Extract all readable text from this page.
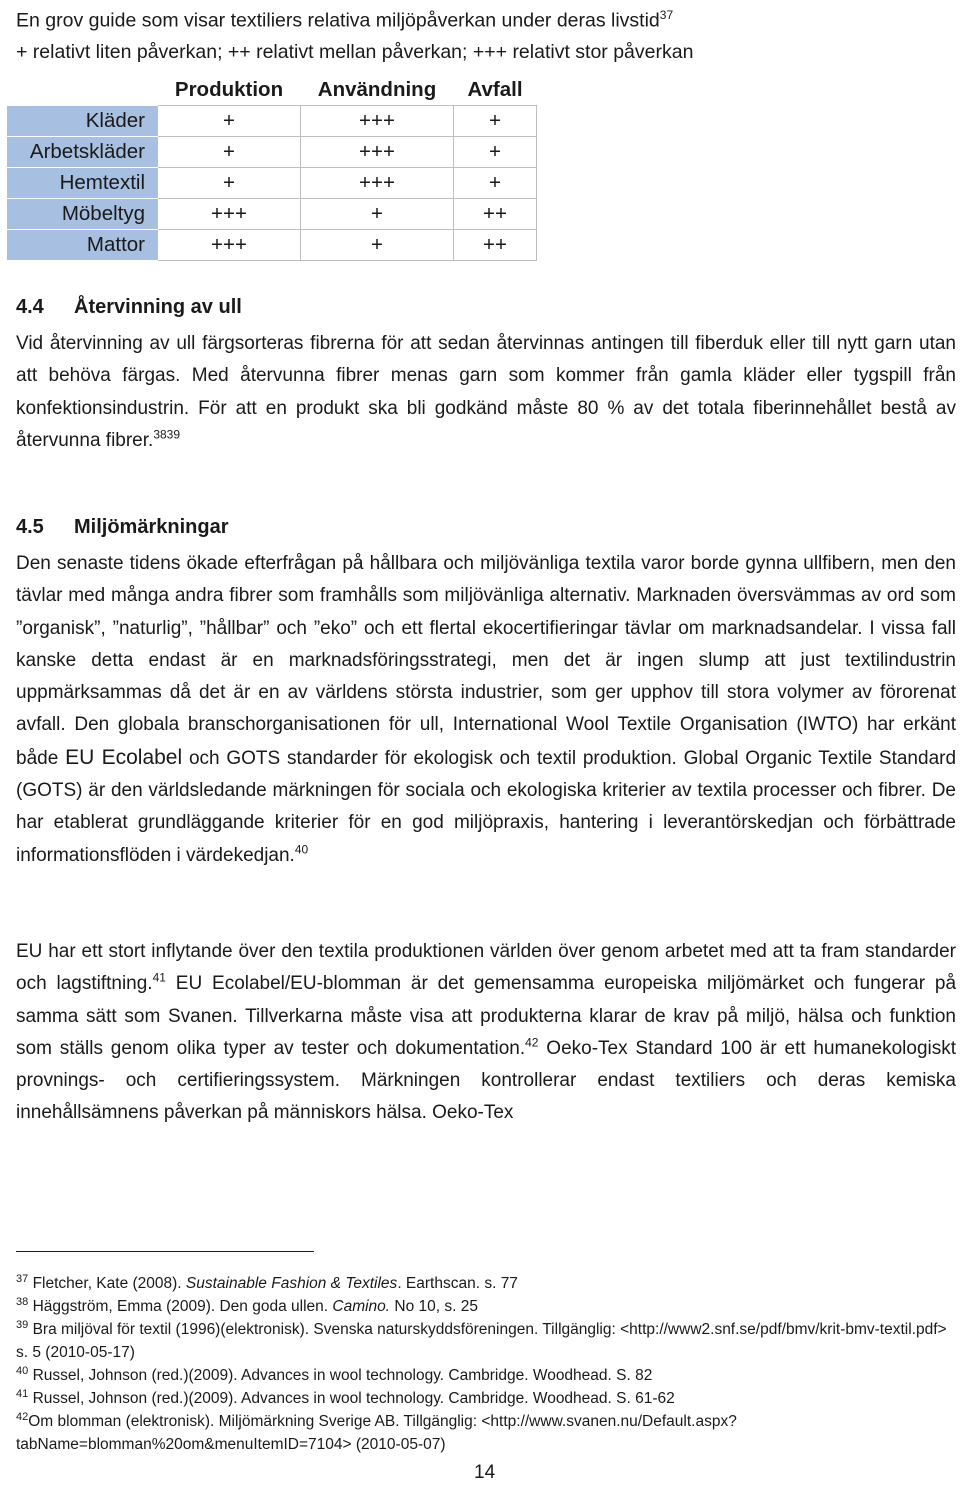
En grov guide som visar textiliers relativa miljöpåverkan under deras livstid$^{37}$
+ relativt liten påverkan; ++ relativt mellan påverkan; +++ relativt stor påverkan
	Produktion	Användning	Avfall
Kläder	+	+++	+
Arbetskläder	+	+++	+
Hemtextil	+	+++	+
Möbeltyg	+++	+	++
Mattor	+++	+	++
4.4 Återvinning av ull

Vid återvinning av ull färgsorteras fibrerna för att sedan återvinnas antingen till fiberduk eller till nytt garn utan att behöva färgas. Med återvunna fibrer menas garn som kommer från gamla kläder eller tygspill från konfektionsindustrin. För att en produkt ska bli godkänd måste 80 % av det totala fiberinnehållet bestå av återvunna fibrer.$^{3839}$

4.5 Miljömärkningar

Den senaste tidens ökade efterfrågan på hållbara och miljövänliga textila varor borde gynna ullfibern, men den tävlar med många andra fibrer som framhålls som miljövänliga alternativ. Marknaden översvämmas av ord som ”organisk”, ”naturlig”, ”hållbar” och ”eko” och ett flertal ekocertifieringar tävlar om marknadsandelar. I vissa fall kanske detta endast är en marknadsföringsstrategi, men det är ingen slump att just textilindustrin uppmärksammas då det är en av världens största industrier, som ger upphov till stora volymer av förorenat avfall. Den globala branschorganisationen för ull, International Wool Textile Organisation (IWTO) har erkänt både EU Ecolabel och GOTS standarder för ekologisk och textil produktion. Global Organic Textile Standard (GOTS) är den världsledande märkningen för sociala och ekologiska kriterier av textila processer och fibrer. De har etablerat grundläggande kriterier för en god miljöpraxis, hantering i leverantörskedjan och förbättrade informationsflöden i värdekedjan.$^{40}$

EU har ett stort inflytande över den textila produktionen världen över genom arbetet med att ta fram standarder och lagstiftning.$^{41}$ EU Ecolabel/EU-blomman är det gemensamma europeiska miljömärket och fungerar på samma sätt som Svanen. Tillverkarna måste visa att produkterna klarar de krav på miljö, hälsa och funktion som ställs genom olika typer av tester och dokumentation.$^{42}$ Oeko-Tex Standard 100 är ett humanekologiskt provnings- och certifieringssystem. Märkningen kontrollerar endast textiliers och deras kemiska innehållsämnens påverkan på människors hälsa. Oeko-Tex

$^{37}$ Fletcher, Kate (2008). Sustainable Fashion & Textiles. Earthscan. s. 77

$^{38}$ Häggström, Emma (2009). Den goda ullen. Camino. No 10, s. 25

$^{39}$ Bra miljöval för textil (1996)(elektronisk). Svenska naturskyddsföreningen. Tillgänglig: <http://www2.snf.se/pdf/bmv/krit-bmv-textil.pdf> s. 5 (2010-05-17)

$^{40}$ Russel, Johnson (red.)(2009). Advances in wool technology. Cambridge. Woodhead. S. 82

$^{41}$ Russel, Johnson (red.)(2009). Advances in wool technology. Cambridge. Woodhead. S. 61-62

$^{42}$Om blomman (elektronisk). Miljömärkning Sverige AB. Tillgänglig: <http://www.svanen.nu/Default.aspx?tabName=blomman%20om&menuItemID=7104> (2010-05-07)

14
